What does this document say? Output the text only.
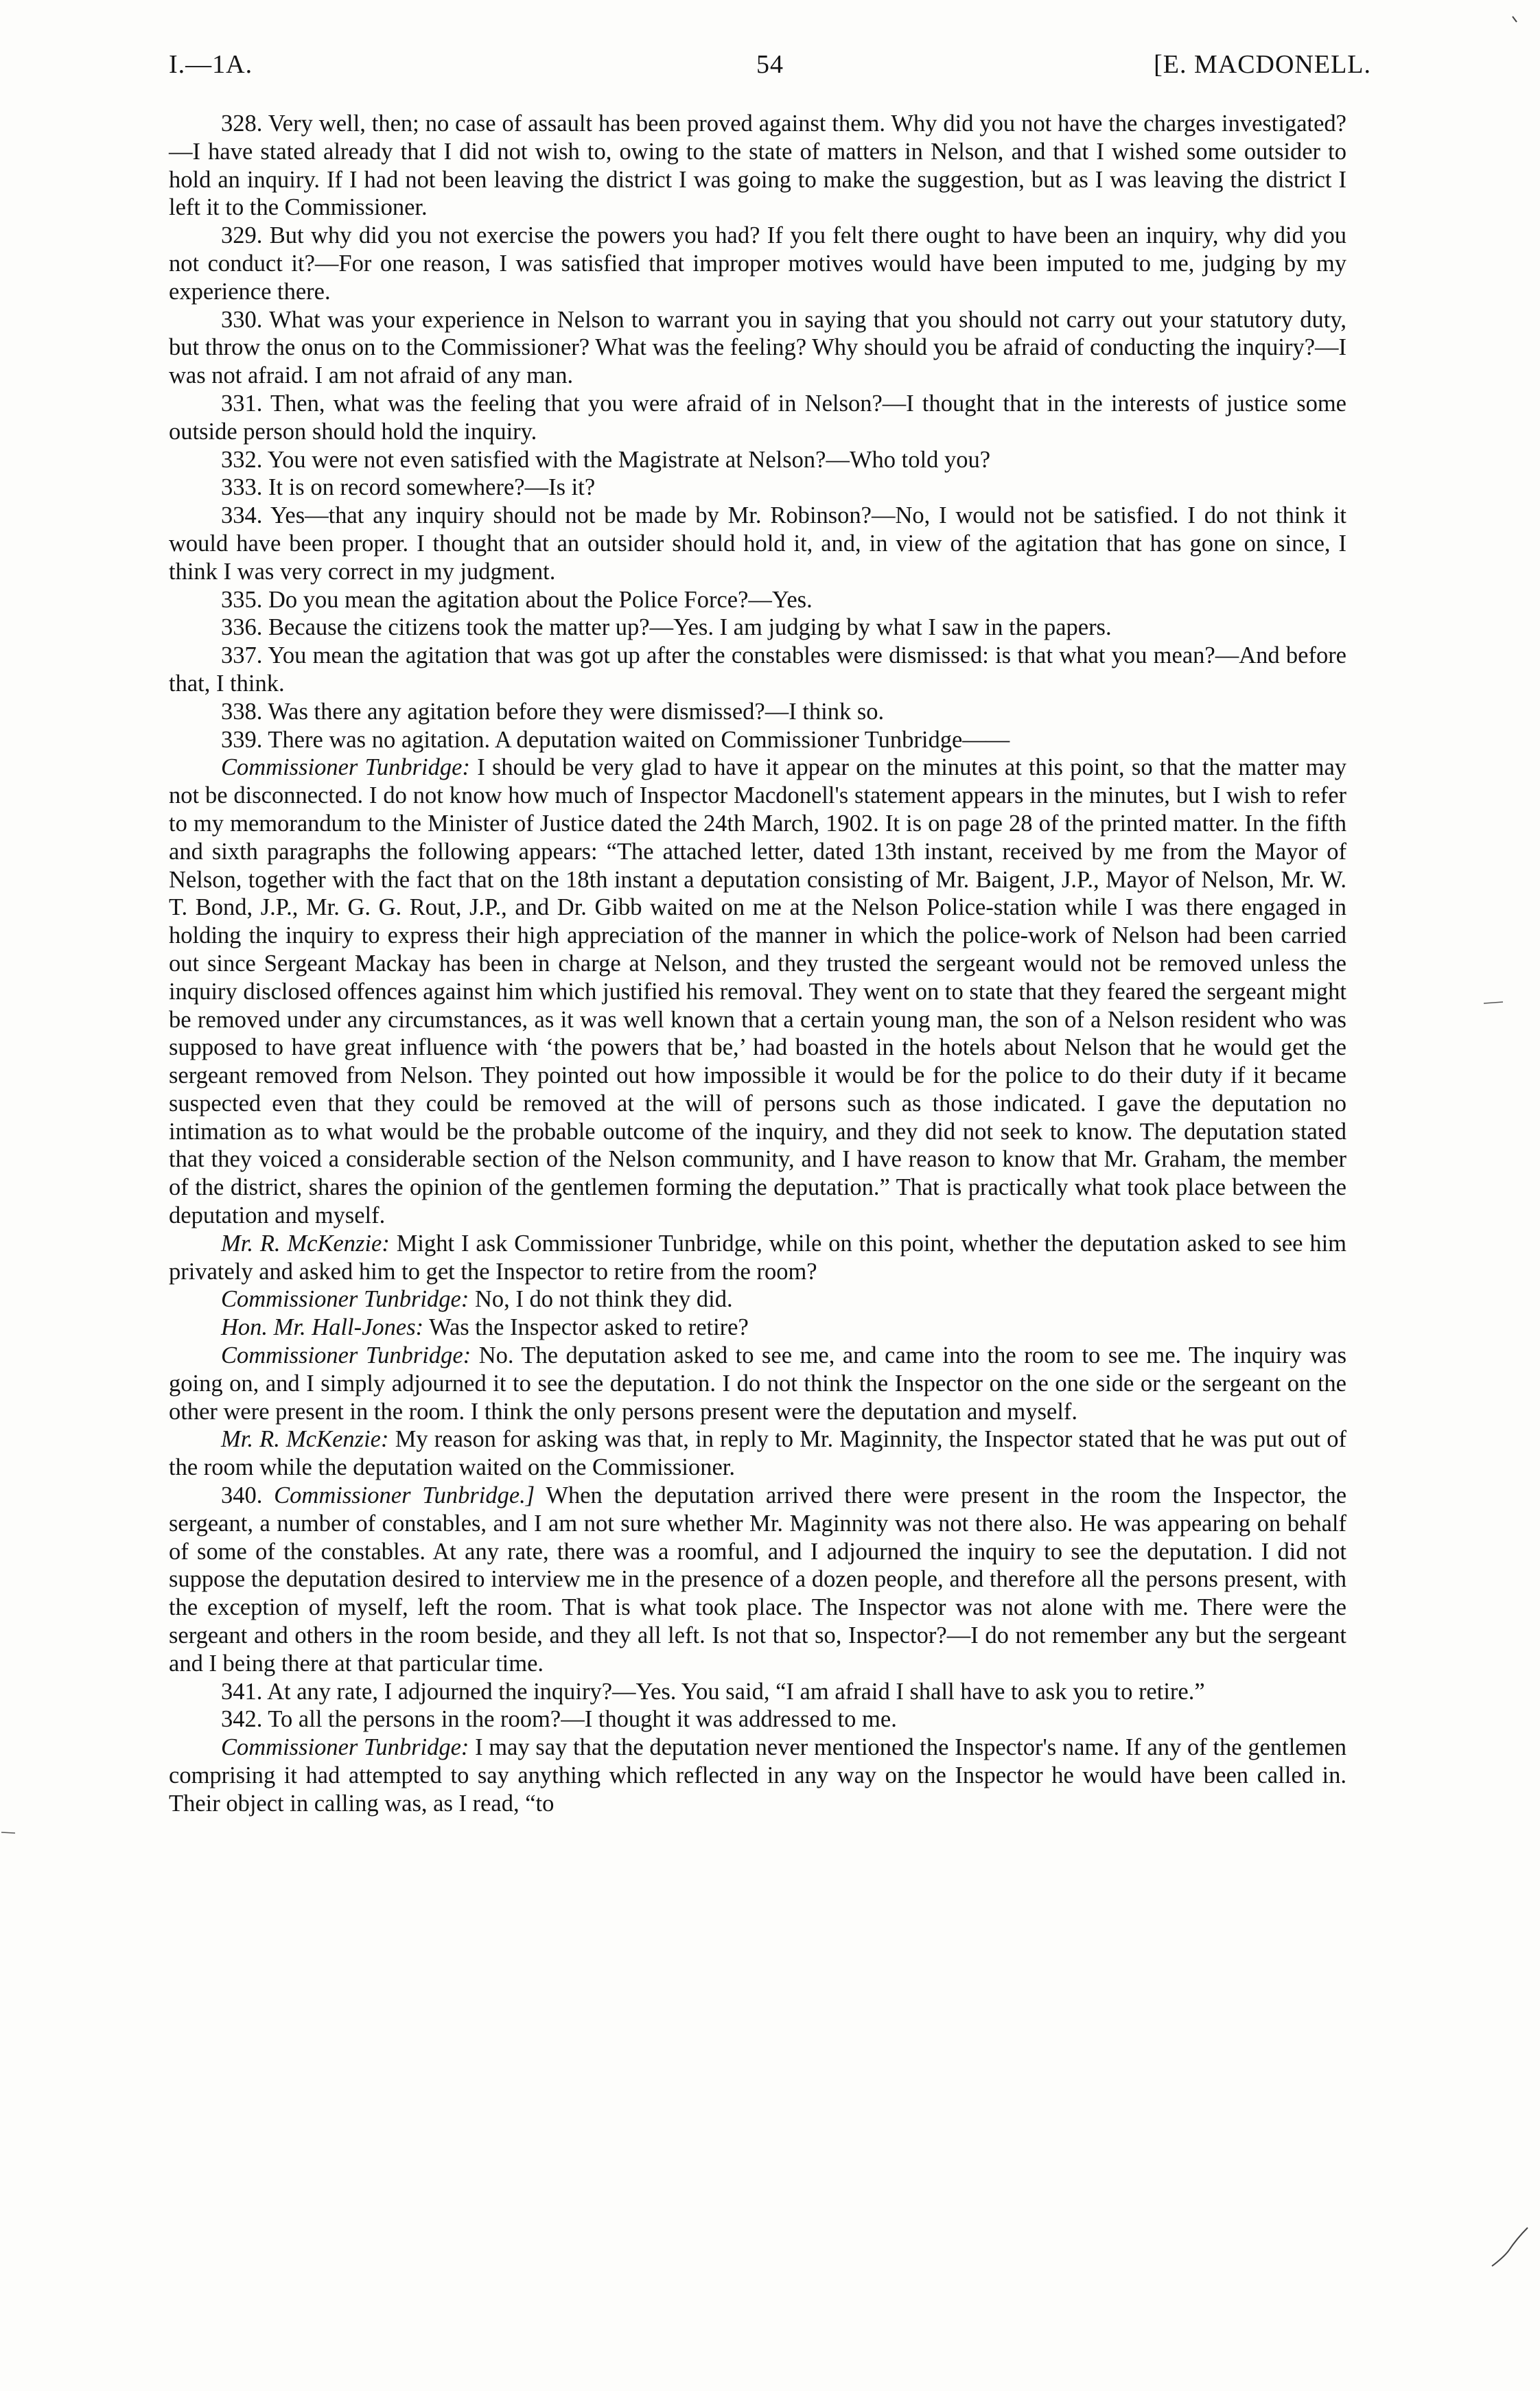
I.—1A.	54	[E. MACDONELL.

328. Very well, then; no case of assault has been proved against them. Why did you not have the charges investigated?—I have stated already that I did not wish to, owing to the state of matters in Nelson, and that I wished some outsider to hold an inquiry. If I had not been leaving the district I was going to make the suggestion, but as I was leaving the district I left it to the Commissioner.

329. But why did you not exercise the powers you had? If you felt there ought to have been an inquiry, why did you not conduct it?—For one reason, I was satisfied that improper motives would have been imputed to me, judging by my experience there.

330. What was your experience in Nelson to warrant you in saying that you should not carry out your statutory duty, but throw the onus on to the Commissioner? What was the feeling? Why should you be afraid of conducting the inquiry?—I was not afraid. I am not afraid of any man.

331. Then, what was the feeling that you were afraid of in Nelson?—I thought that in the interests of justice some outside person should hold the inquiry.

332. You were not even satisfied with the Magistrate at Nelson?—Who told you?

333. It is on record somewhere?—Is it?

334. Yes—that any inquiry should not be made by Mr. Robinson?—No, I would not be satisfied. I do not think it would have been proper. I thought that an outsider should hold it, and, in view of the agitation that has gone on since, I think I was very correct in my judgment.

335. Do you mean the agitation about the Police Force?—Yes.

336. Because the citizens took the matter up?—Yes. I am judging by what I saw in the papers.

337. You mean the agitation that was got up after the constables were dismissed: is that what you mean?—And before that, I think.

338. Was there any agitation before they were dismissed?—I think so.

339. There was no agitation. A deputation waited on Commissioner Tunbridge——

Commissioner Tunbridge: I should be very glad to have it appear on the minutes at this point, so that the matter may not be disconnected. I do not know how much of Inspector Macdonell's statement appears in the minutes, but I wish to refer to my memorandum to the Minister of Justice dated the 24th March, 1902. It is on page 28 of the printed matter. In the fifth and sixth paragraphs the following appears: “The attached letter, dated 13th instant, received by me from the Mayor of Nelson, together with the fact that on the 18th instant a deputation consisting of Mr. Baigent, J.P., Mayor of Nelson, Mr. W. T. Bond, J.P., Mr. G. G. Rout, J.P., and Dr. Gibb waited on me at the Nelson Police-station while I was there engaged in holding the inquiry to express their high appreciation of the manner in which the police-work of Nelson had been carried out since Sergeant Mackay has been in charge at Nelson, and they trusted the sergeant would not be removed unless the inquiry disclosed offences against him which justified his removal. They went on to state that they feared the sergeant might be removed under any circumstances, as it was well known that a certain young man, the son of a Nelson resident who was supposed to have great influence with ‘the powers that be,’ had boasted in the hotels about Nelson that he would get the sergeant removed from Nelson. They pointed out how impossible it would be for the police to do their duty if it became suspected even that they could be removed at the will of persons such as those indicated. I gave the deputation no intimation as to what would be the probable outcome of the inquiry, and they did not seek to know. The deputation stated that they voiced a considerable section of the Nelson community, and I have reason to know that Mr. Graham, the member of the district, shares the opinion of the gentlemen forming the deputation.” That is practically what took place between the deputation and myself.

Mr. R. McKenzie: Might I ask Commissioner Tunbridge, while on this point, whether the deputation asked to see him privately and asked him to get the Inspector to retire from the room?

Commissioner Tunbridge: No, I do not think they did.

Hon. Mr. Hall-Jones: Was the Inspector asked to retire?

Commissioner Tunbridge: No. The deputation asked to see me, and came into the room to see me. The inquiry was going on, and I simply adjourned it to see the deputation. I do not think the Inspector on the one side or the sergeant on the other were present in the room. I think the only persons present were the deputation and myself.

Mr. R. McKenzie: My reason for asking was that, in reply to Mr. Maginnity, the Inspector stated that he was put out of the room while the deputation waited on the Commissioner.

340. Commissioner Tunbridge.] When the deputation arrived there were present in the room the Inspector, the sergeant, a number of constables, and I am not sure whether Mr. Maginnity was not there also. He was appearing on behalf of some of the constables. At any rate, there was a roomful, and I adjourned the inquiry to see the deputation. I did not suppose the deputation desired to interview me in the presence of a dozen people, and therefore all the persons present, with the exception of myself, left the room. That is what took place. The Inspector was not alone with me. There were the sergeant and others in the room beside, and they all left. Is not that so, Inspector?—I do not remember any but the sergeant and I being there at that particular time.

341. At any rate, I adjourned the inquiry?—Yes. You said, “I am afraid I shall have to ask you to retire.”

342. To all the persons in the room?—I thought it was addressed to me.

Commissioner Tunbridge: I may say that the deputation never mentioned the Inspector's name. If any of the gentlemen comprising it had attempted to say anything which reflected in any way on the Inspector he would have been called in. Their object in calling was, as I read, “to
